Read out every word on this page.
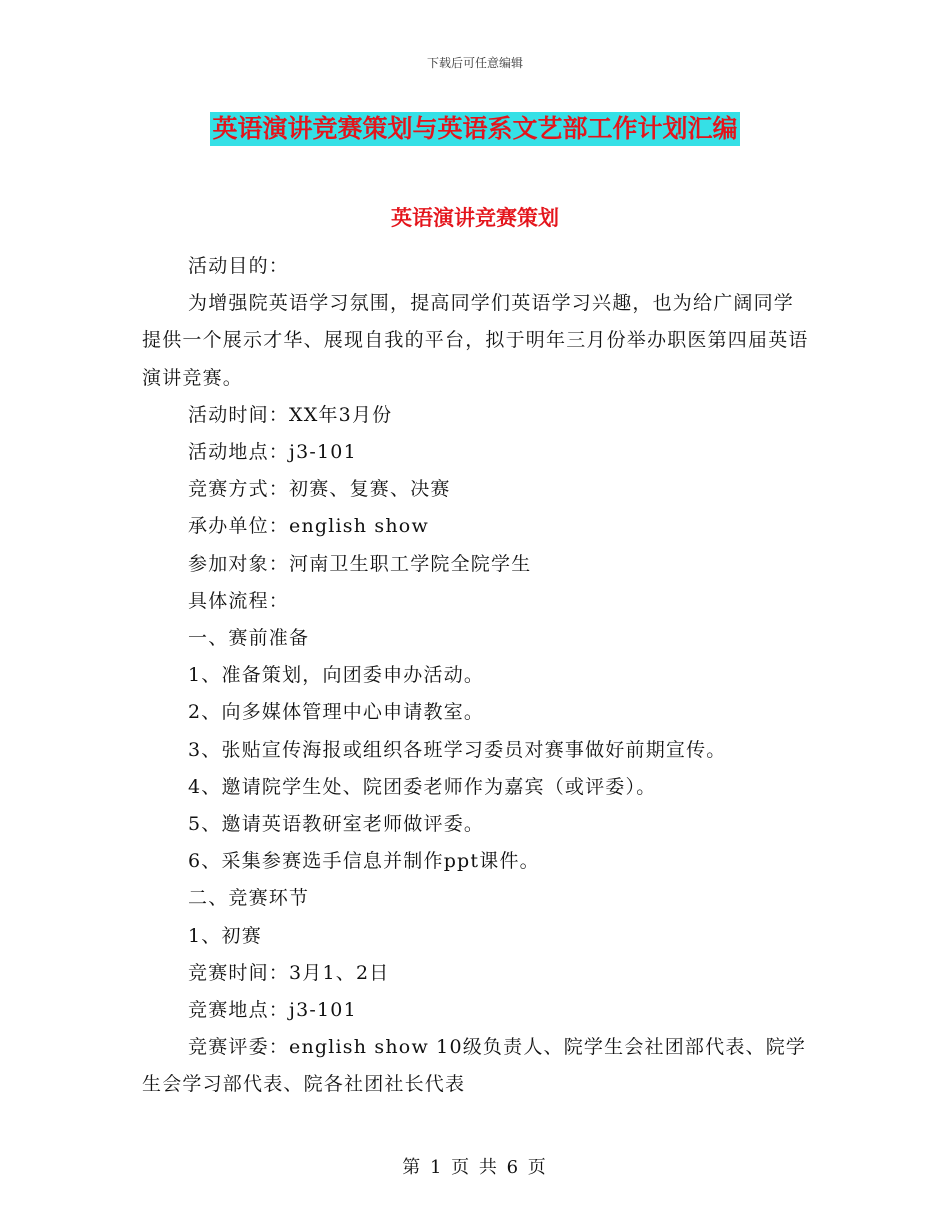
下载后可任意编辑
英语演讲竞赛策划与英语系文艺部工作计划汇编
英语演讲竞赛策划

活动目的：

为增强院英语学习氛围，提高同学们英语学习兴趣，也为给广阔同学提供一个展示才华、展现自我的平台，拟于明年三月份举办职医第四届英语演讲竞赛。

活动时间：XX年3月份

活动地点：j3-101

竞赛方式：初赛、复赛、决赛

承办单位：english show

参加对象：河南卫生职工学院全院学生

具体流程：

一、赛前准备

1、准备策划，向团委申办活动。

2、向多媒体管理中心申请教室。

3、张贴宣传海报或组织各班学习委员对赛事做好前期宣传。

4、邀请院学生处、院团委老师作为嘉宾（或评委）。

5、邀请英语教研室老师做评委。

6、采集参赛选手信息并制作ppt课件。

二、竞赛环节

1、初赛

竞赛时间：3月1、2日

竞赛地点：j3-101

竞赛评委：english show 10级负责人、院学生会社团部代表、院学生会学习部代表、院各社团社长代表

第 1 页 共 6 页
